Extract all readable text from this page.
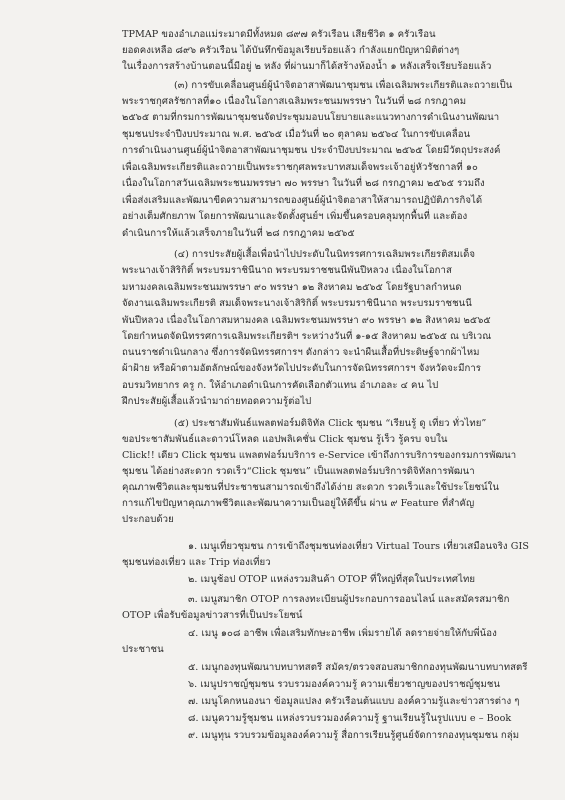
TPMAP ของอำเภอแม่ระมาดมีทั้งหมด ๘๙๗ ครัวเรือน เสียชีวิต ๑ ครัวเรือน
ยอดคงเหลือ ๘๙๖ ครัวเรือน ได้บันทึกข้อมูลเรียบร้อยแล้ว กำลังแยกปัญหามิติต่างๆ
ในเรื่องการสร้างบ้านตอนนี้มีอยู่ ๒ หลัง ที่ผ่านมาก็ได้สร้างห้องน้ำ ๑ หลังเสร็จเรียบร้อยแล้ว
(๓) การขับเคลื่อนศูนย์ผู้นำจิตอาสาพัฒนาชุมชน เพื่อเฉลิมพระเกียรติและถวายเป็น
พระราชกุศลรัชกาลที่๑๐ เนื่องในโอกาสเฉลิมพระชนมพรรษา ในวันที่ ๒๘ กรกฎาคม
๒๕๖๕ ตามที่กรมการพัฒนาชุมชนจัดประชุมมอบนโยบายและแนวทางการดำเนินงานพัฒนา
ชุมชนประจำปีงบประมาณ พ.ศ. ๒๕๖๕ เมื่อวันที่ ๒๐ ตุลาคม ๒๕๖๔ ในการขับเคลื่อน
การดำเนินงานศูนย์ผู้นำจิตอาสาพัฒนาชุมชน ประจำปีงบประมาณ ๒๕๖๕ โดยมีวัตถุประสงค์
เพื่อเฉลิมพระเกียรติและถวายเป็นพระราชกุศลพระบาทสมเด็จพระเจ้าอยู่หัวรัชกาลที่ ๑๐
เนื่องในโอกาสวันเฉลิมพระชนมพรรษา ๗๐ พรรษา ในวันที่ ๒๘ กรกฎาคม ๒๕๖๕ รวมถึง
เพื่อส่งเสริมและพัฒนาขีดความสามารถของศูนย์ผู้นำจิตอาสาให้สามารถปฏิบัติภารกิจได้
อย่างเต็มศักยภาพ โดยการพัฒนาและจัดตั้งศูนย์ฯ เพิ่มขึ้นครอบคลุมทุกพื้นที่ และต้อง
ดำเนินการให้แล้วเสร็จภายในวันที่ ๒๘ กรกฎาคม ๒๕๖๕
(๔) การประสัยผู้เสื้อเพื่อนำไปประดับในนิทรรศการเฉลิมพระเกียรติสมเด็จ
พระนางเจ้าสิริกิติ์ พระบรมราชินีนาถ พระบรมราชชนนีพันปีหลวง เนื่องในโอกาส
มหามงคลเฉลิมพระชนมพรรษา ๙๐ พรรษา ๑๒ สิงหาคม ๒๕๖๕ โดยรัฐบาลกำหนด
จัดงานเฉลิมพระเกียรติ สมเด็จพระนางเจ้าสิริกิติ์ พระบรมราชินีนาถ พระบรมราชชนนี
พันปีหลวง เนื่องในโอกาสมหามงคล เฉลิมพระชนมพรรษา ๙๐ พรรษา ๑๒ สิงหาคม ๒๕๖๕
โดยกำหนดจัดนิทรรศการเฉลิมพระเกียรติฯ ระหว่างวันที่ ๑-๑๕ สิงหาคม ๒๕๖๕ ณ บริเวณ
ถนนราชดำเนินกลาง ซึ่งการจัดนิทรรศการฯ ดังกล่าว จะนำผืนเสื้อที่ประดิษฐ์จากผ้าไหม
ผ้าฝ้าย หรือผ้าตามอัตลักษณ์ของจังหวัดไปประดับในการจัดนิทรรศการฯ จังหวัดจะมีการ
อบรมวิทยากร ครู ก. ให้อำเภอดำเนินการคัดเลือกตัวแทน อำเภอละ ๔ คน ไป
ฝึกประสัยผู้เสื้อแล้วนำมาถ่ายทอดความรู้ต่อไป
(๕) ประชาสัมพันธ์แพลตฟอร์มดิจิทัล Click ชุมชน “เรียนรู้ ดู เที่ยว ทั่วไทย”
ขอประชาสัมพันธ์และดาวน์โหลด แอปพลิเคชั่น Click ชุมชน รู้เร็ว รู้ครบ จบใน
Click!! เดียว Click ชุมชน แพลตฟอร์มบริการ e-Service เข้าถึงการบริการของกรมการพัฒนา
ชุมชน ได้อย่างสะดวก รวดเร็ว“Click ชุมชน” เป็นแพลตฟอร์มบริการดิจิทัลการพัฒนา
คุณภาพชีวิตและชุมชนที่ประชาชนสามารถเข้าถึงได้ง่าย สะดวก รวดเร็วและใช้ประโยชน์ใน
การแก้ไขปัญหาคุณภาพชีวิตและพัฒนาความเป็นอยู่ให้ดีขึ้น ผ่าน ๙ Feature ที่สำคัญ
ประกอบด้วย
๑. เมนูเที่ยวชุมชน การเข้าถึงชุมชนท่องเที่ยว Virtual Tours เที่ยวเสมือนจริง GIS
ชุมชนท่องเที่ยว และ Trip ท่องเที่ยว
๒. เมนูช้อป OTOP แหล่งรวมสินค้า OTOP ที่ใหญ่ที่สุดในประเทศไทย
๓. เมนูสมาชิก OTOP การลงทะเบียนผู้ประกอบการออนไลน์ และสมัครสมาชิก
OTOP เพื่อรับข้อมูลข่าวสารที่เป็นประโยชน์
๔. เมนู ๑๐๘ อาชีพ เพื่อเสริมทักษะอาชีพ เพิ่มรายได้ ลดรายจ่ายให้กับพี่น้อง
ประชาชน
๕. เมนูกองทุนพัฒนาบทบาทสตรี สมัคร/ตรวจสอบสมาชิกกองทุนพัฒนาบทบาทสตรี
๖. เมนูปราชญ์ชุมชน รวบรวมองค์ความรู้ ความเชี่ยวชาญของปราชญ์ชุมชน
๗. เมนูโคกหนองนา ข้อมูลแปลง ครัวเรือนต้นแบบ องค์ความรู้และข่าวสารต่าง ๆ
๘. เมนูความรู้ชุมชน แหล่งรวบรวมองค์ความรู้ ฐานเรียนรู้ในรูปแบบ e – Book
๙. เมนูทุน รวบรวมข้อมูลองค์ความรู้ สื่อการเรียนรู้ศูนย์จัดการกองทุนชุมชน กลุ่ม
